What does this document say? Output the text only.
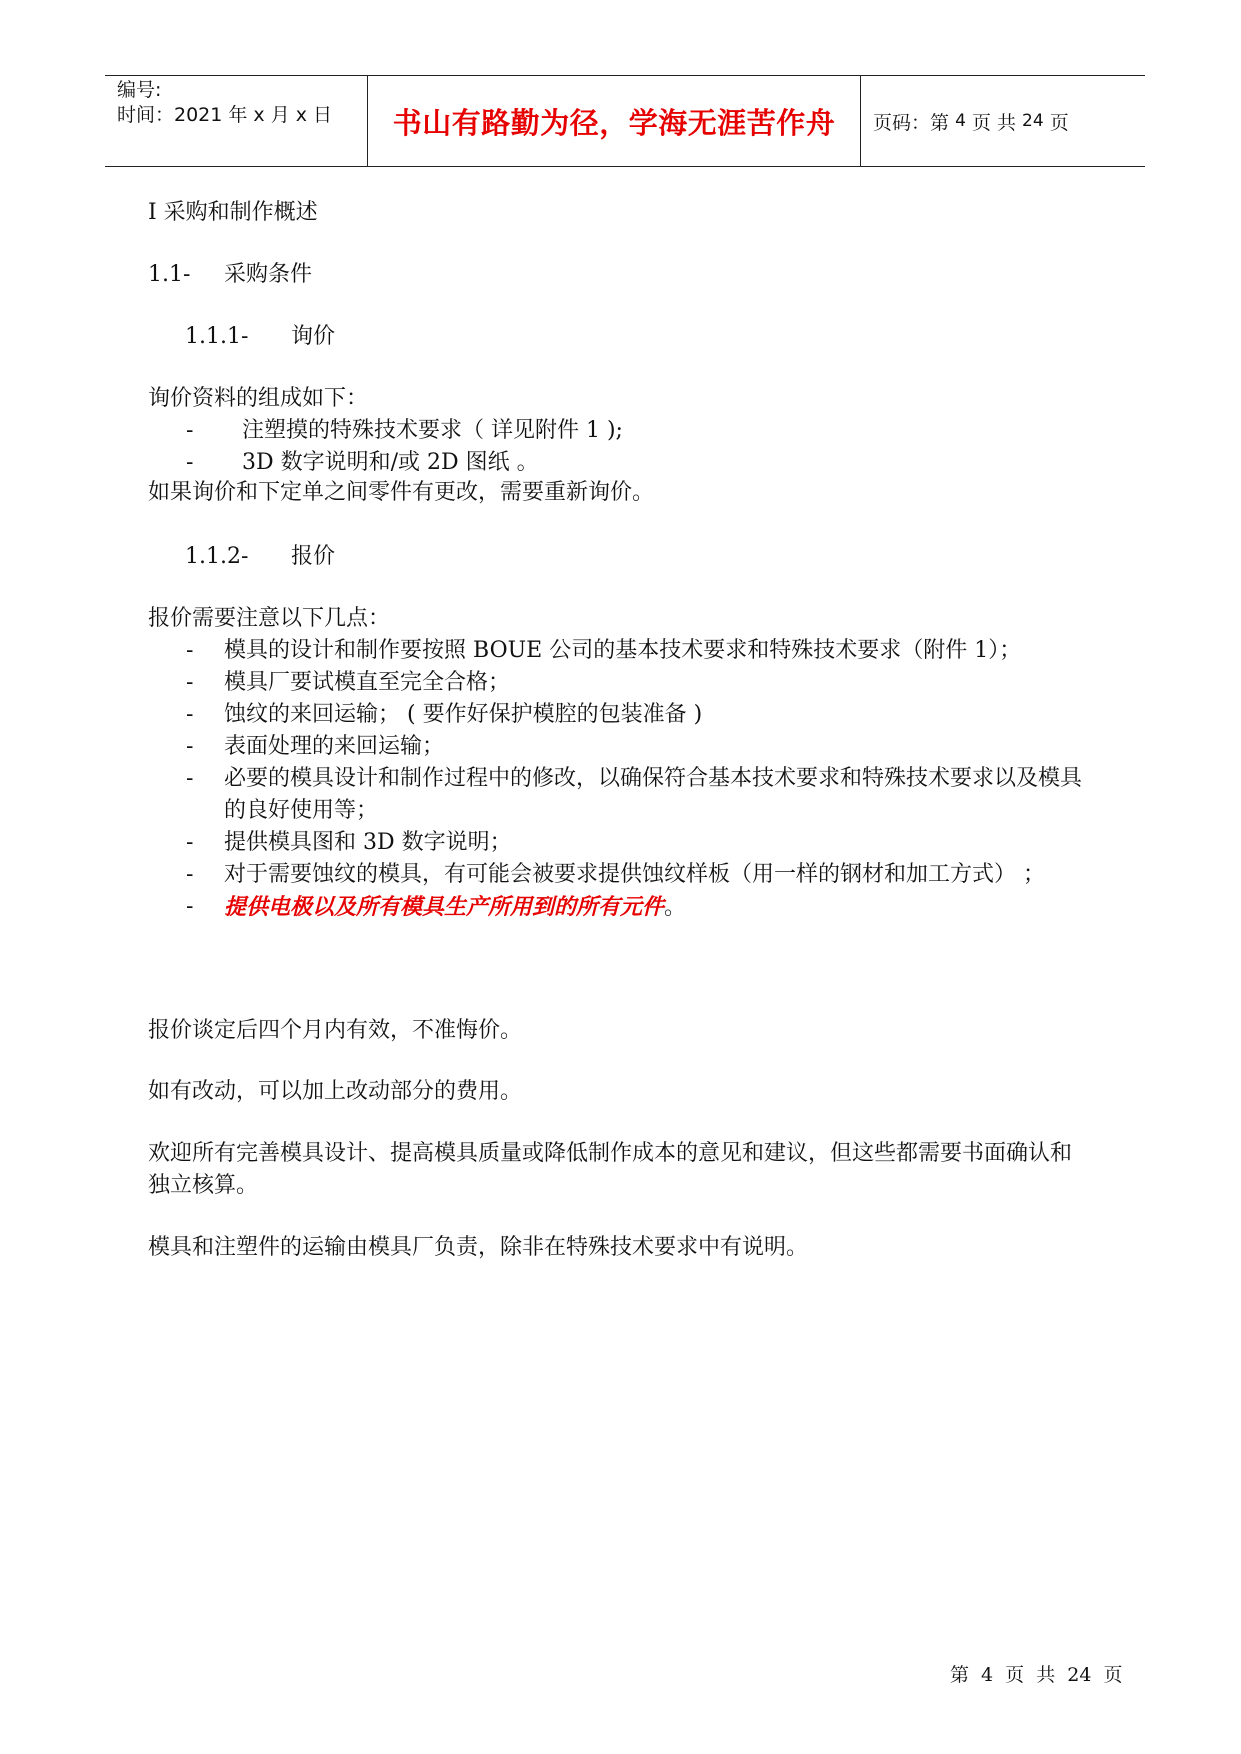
编号:
时间：2021 年 x 月 x 日	书山有路勤为径，学海无涯苦作舟	页码：第
4
页 共
24
页
I 采购和制作概述
1.1- 采购条件
1.1.1- 询价
询价资料的组成如下：
-	注塑摸的特殊技术要求（ 详见附件 1 );
-	3D 数字说明和/或 2D 图纸 。
如果询价和下定单之间零件有更改，需要重新询价。
1.1.2- 报价
报价需要注意以下几点：
-	模具的设计和制作要按照 BOUE 公司的基本技术要求和特殊技术要求（附件 1）；
-	模具厂要试模直至完全合格；
-	蚀纹的来回运输； ( 要作好保护模腔的包装准备 )
-	表面处理的来回运输；
-	必要的模具设计和制作过程中的修改，以确保符合基本技术要求和特殊技术要求以及模具的良好使用等；
-	提供模具图和 3D 数字说明；
-	对于需要蚀纹的模具，有可能会被要求提供蚀纹样板（用一样的钢材和加工方式） ；
-	提供电极以及所有模具生产所用到的所有元件。
报价谈定后四个月内有效，不准悔价。
如有改动，可以加上改动部分的费用。
欢迎所有完善模具设计、提高模具质量或降低制作成本的意见和建议，但这些都需要书面确认和独立核算。
模具和注塑件的运输由模具厂负责，除非在特殊技术要求中有说明。
第 4 页 共 24 页
